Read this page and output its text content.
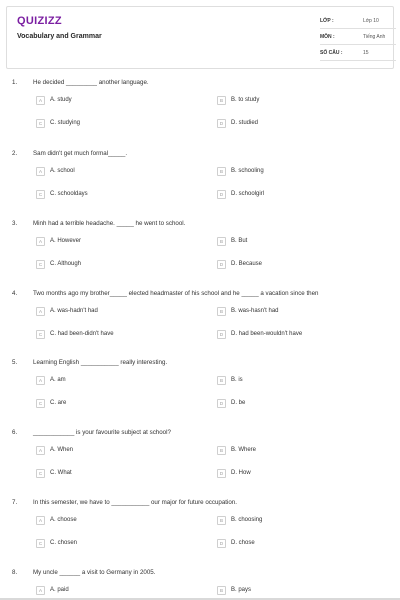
QUIZIZZ
Vocabulary and Grammar
LỚP :	Lớp 10
MÔN :	Tiếng Anh
SỐ CÂU :	15
1.	He decided _________ another language.
A	A. study	B	B. to study
C	C. studying	D	D. studied
2.	Sam didn't get much formal_____.
A	A. school	B	B. schooling
C	C. schooldays	D	D. schoolgirl
3.	Minh had a terrible headache. _____ he went to school.
A	A. However	B	B. But
C	C. Although	D	D. Because
4.	Two months ago my brother_____ elected headmaster of his school and he _____ a vacation since then
A	A. was-hadn't had	B	B. was-hasn't had
C	C. had been-didn't have	D	D. had been-wouldn't have
5.	Learning English ___________ really interesting.
A	A. am	B	B. is
C	C. are	D	D. be
6.	____________ is your favourite subject at school?
A	A. When	B	B. Where
C	C. What	D	D. How
7.	In this semester, we have to ___________ our major for future occupation.
A	A. choose	B	B. choosing
C	C. chosen	D	D. chose
8.	My uncle ______ a visit to Germany in 2005.
A	A. paid	B	B. pays
